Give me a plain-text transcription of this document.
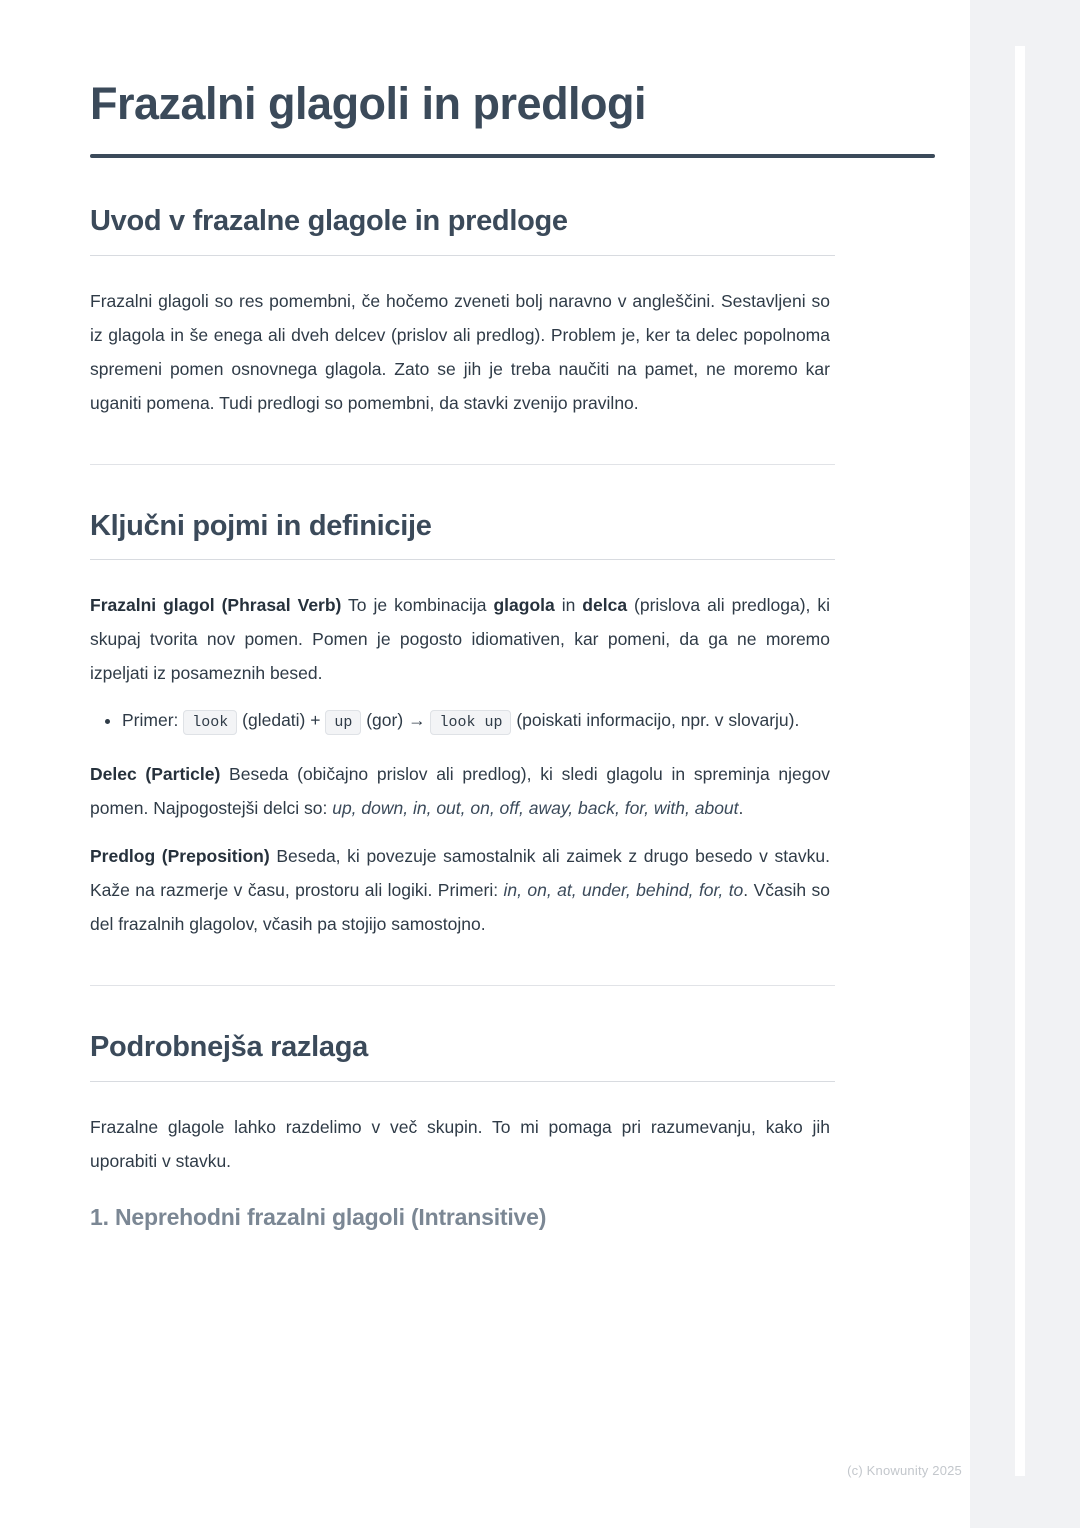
Frazalni glagoli in predlogi
Uvod v frazalne glagole in predloge

Frazalni glagoli so res pomembni, če hočemo zveneti bolj naravno v angleščini. Sestavljeni so iz glagola in še enega ali dveh delcev (prislov ali predlog). Problem je, ker ta delec popolnoma spremeni pomen osnovnega glagola. Zato se jih je treba naučiti na pamet, ne moremo kar uganiti pomena. Tudi predlogi so pomembni, da stavki zvenijo pravilno.

Ključni pojmi in definicije

Frazalni glagol (Phrasal Verb) To je kombinacija glagola in delca (prislova ali predloga), ki skupaj tvorita nov pomen. Pomen je pogosto idiomativen, kar pomeni, da ga ne moremo izpeljati iz posameznih besed.

• Primer: look (gledati) + up (gor) → look up (poiskati informacijo, npr. v slovarju).

Delec (Particle) Beseda (običajno prislov ali predlog), ki sledi glagolu in spreminja njegov pomen. Najpogostejši delci so: up, down, in, out, on, off, away, back, for, with, about.

Predlog (Preposition) Beseda, ki povezuje samostalnik ali zaimek z drugo besedo v stavku. Kaže na razmerje v času, prostoru ali logiki. Primeri: in, on, at, under, behind, for, to. Včasih so del frazalnih glagolov, včasih pa stojijo samostojno.

Podrobnejša razlaga

Frazalne glagole lahko razdelimo v več skupin. To mi pomaga pri razumevanju, kako jih uporabiti v stavku.

1. Neprehodni frazalni glagoli (Intransitive)
(c) Knowunity 2025
